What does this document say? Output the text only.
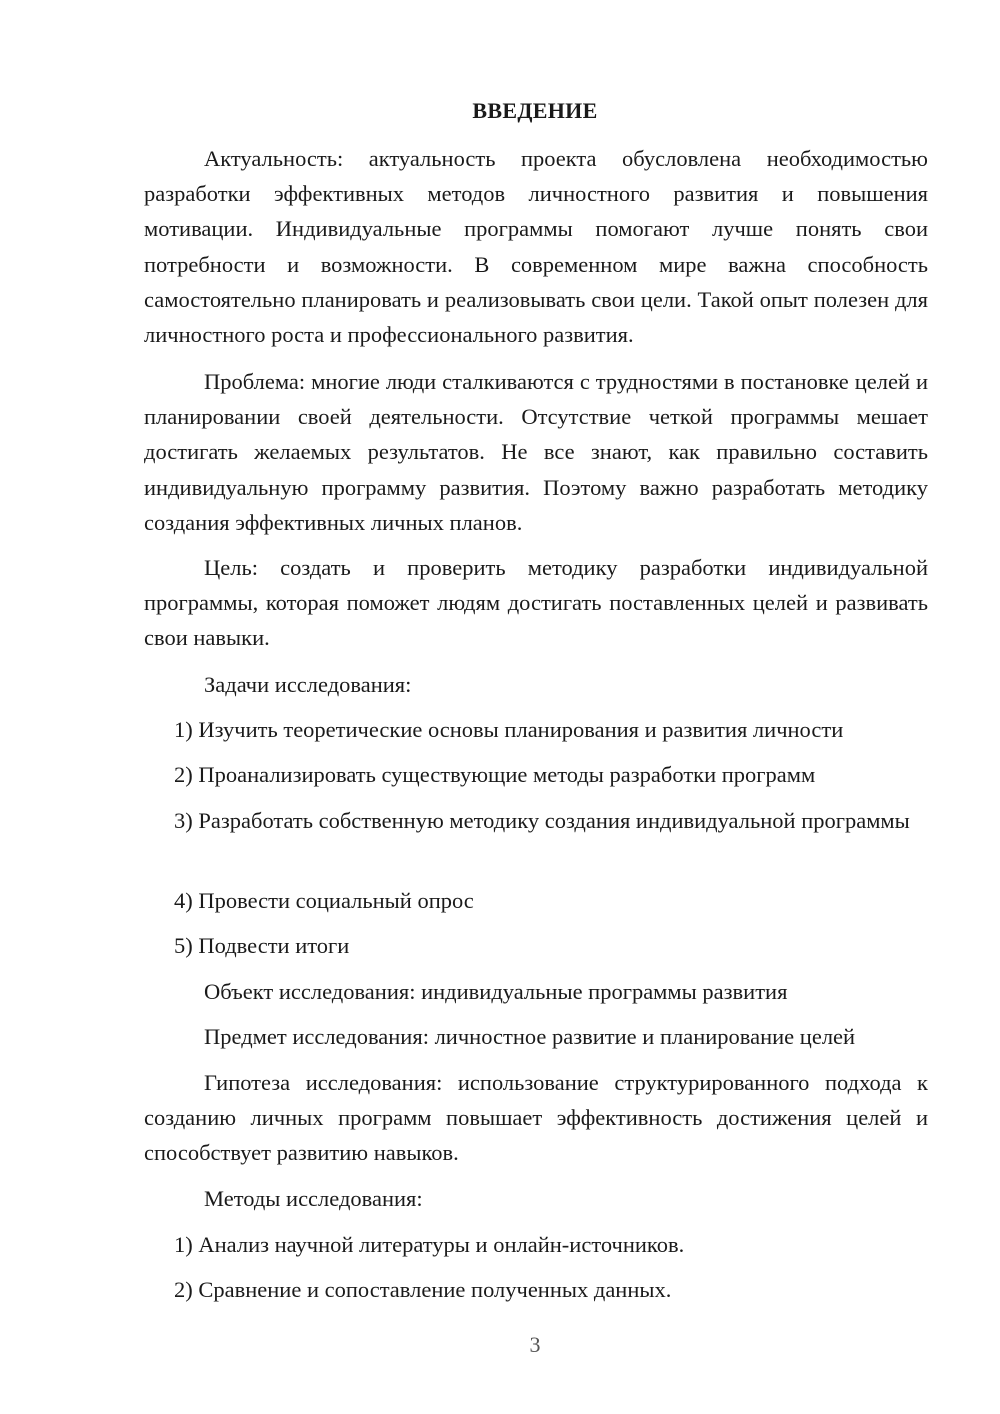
ВВЕДЕНИЕ
Актуальность: актуальность проекта обусловлена необходимостью разработки эффективных методов личностного развития и повышения мотивации. Индивидуальные программы помогают лучше понять свои потребности и возможности. В современном мире важна способность самостоятельно планировать и реализовывать свои цели. Такой опыт полезен для личностного роста и профессионального развития.
Проблема: многие люди сталкиваются с трудностями в постановке целей и планировании своей деятельности. Отсутствие четкой программы мешает достигать желаемых результатов. Не все знают, как правильно составить индивидуальную программу развития. Поэтому важно разработать методику создания эффективных личных планов.
Цель: создать и проверить методику разработки индивидуальной программы, которая поможет людям достигать поставленных целей и развивать свои навыки.
Задачи исследования:
1) Изучить теоретические основы планирования и развития личности
2) Проанализировать существующие методы разработки программ
3) Разработать собственную методику создания индивидуальной программы
4) Провести социальный опрос
5) Подвести итоги
Объект исследования: индивидуальные программы развития
Предмет исследования: личностное развитие и планирование целей
Гипотеза исследования: использование структурированного подхода к созданию личных программ повышает эффективность достижения целей и способствует развитию навыков.
Методы исследования:
1) Анализ научной литературы и онлайн-источников.
2) Сравнение и сопоставление полученных данных.
3
